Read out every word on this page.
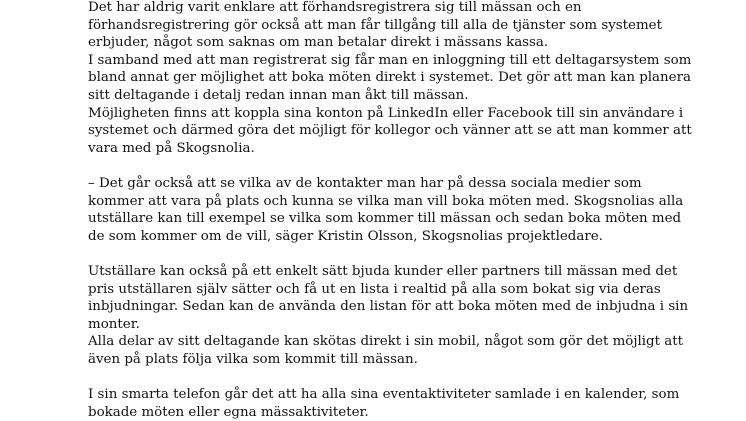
Det har aldrig varit enklare att förhandsregistrera sig till mässan och en
förhandsregistrering gör också att man får tillgång till alla de tjänster som systemet
erbjuder, något som saknas om man betalar direkt i mässans kassa.
I samband med att man registrerat sig får man en inloggning till ett deltagarsystem som
bland annat ger möjlighet att boka möten direkt i systemet. Det gör att man kan planera
sitt deltagande i detalj redan innan man åkt till mässan.
Möjligheten finns att koppla sina konton på LinkedIn eller Facebook till sin användare i
systemet och därmed göra det möjligt för kollegor och vänner att se att man kommer att
vara med på Skogsnolia.
– Det går också att se vilka av de kontakter man har på dessa sociala medier som
kommer att vara på plats och kunna se vilka man vill boka möten med. Skogsnolias alla
utställare kan till exempel se vilka som kommer till mässan och sedan boka möten med
de som kommer om de vill, säger Kristin Olsson, Skogsnolias projektledare.
Utställare kan också på ett enkelt sätt bjuda kunder eller partners till mässan med det
pris utställaren själv sätter och få ut en lista i realtid på alla som bokat sig via deras
inbjudningar. Sedan kan de använda den listan för att boka möten med de inbjudna i sin
monter.
Alla delar av sitt deltagande kan skötas direkt i sin mobil, något som gör det möjligt att
även på plats följa vilka som kommit till mässan.
I sin smarta telefon går det att ha alla sina eventaktiviteter samlade i en kalender, som
bokade möten eller egna mässaktiviteter.
